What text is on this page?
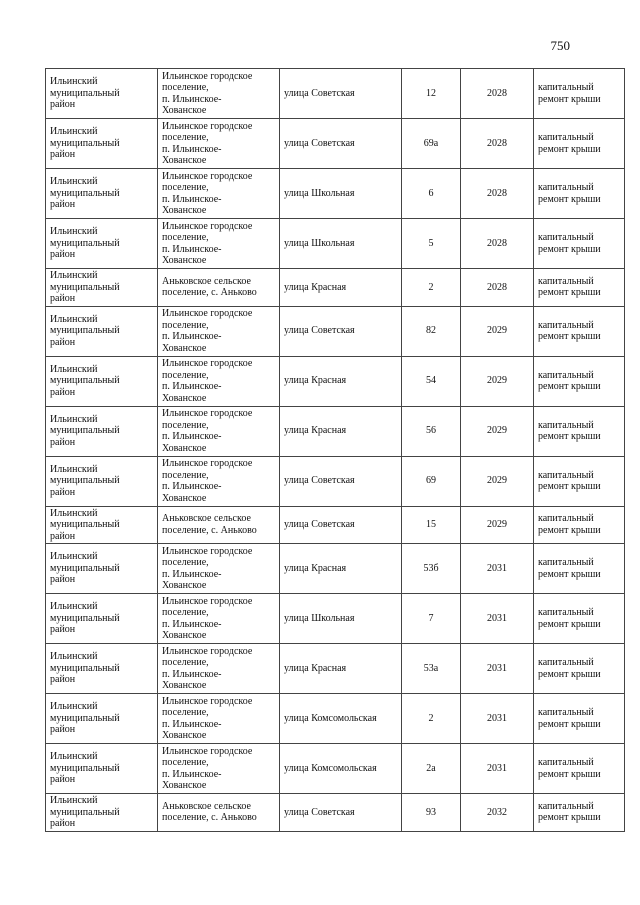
750
Ильинский
муниципальный
район	Ильинское городское
поселение,
п. Ильинское-
Хованское	улица Советская	12	2028	капитальный
ремонт крыши

Ильинский
муниципальный
район	Ильинское городское
поселение,
п. Ильинское-
Хованское	улица Советская	69а	2028	капитальный
ремонт крыши

Ильинский
муниципальный
район	Ильинское городское
поселение,
п. Ильинское-
Хованское	улица Школьная	6	2028	капитальный
ремонт крыши

Ильинский
муниципальный
район	Ильинское городское
поселение,
п. Ильинское-
Хованское	улица Школьная	5	2028	капитальный
ремонт крыши

Ильинский
муниципальный
район	Аньковское сельское
поселение, с. Аньково	улица Красная	2	2028	капитальный
ремонт крыши

Ильинский
муниципальный
район	Ильинское городское
поселение,
п. Ильинское-
Хованское	улица Советская	82	2029	капитальный
ремонт крыши

Ильинский
муниципальный
район	Ильинское городское
поселение,
п. Ильинское-
Хованское	улица Красная	54	2029	капитальный
ремонт крыши

Ильинский
муниципальный
район	Ильинское городское
поселение,
п. Ильинское-
Хованское	улица Красная	56	2029	капитальный
ремонт крыши

Ильинский
муниципальный
район	Ильинское городское
поселение,
п. Ильинское-
Хованское	улица Советская	69	2029	капитальный
ремонт крыши

Ильинский
муниципальный
район	Аньковское сельское
поселение, с. Аньково	улица Советская	15	2029	капитальный
ремонт крыши

Ильинский
муниципальный
район	Ильинское городское
поселение,
п. Ильинское-
Хованское	улица Красная	53б	2031	капитальный
ремонт крыши

Ильинский
муниципальный
район	Ильинское городское
поселение,
п. Ильинское-
Хованское	улица Школьная	7	2031	капитальный
ремонт крыши

Ильинский
муниципальный
район	Ильинское городское
поселение,
п. Ильинское-
Хованское	улица Красная	53а	2031	капитальный
ремонт крыши

Ильинский
муниципальный
район	Ильинское городское
поселение,
п. Ильинское-
Хованское	улица Комсомольская	2	2031	капитальный
ремонт крыши

Ильинский
муниципальный
район	Ильинское городское
поселение,
п. Ильинское-
Хованское	улица Комсомольская	2а	2031	капитальный
ремонт крыши

Ильинский
муниципальный
район	Аньковское сельское
поселение, с. Аньково	улица Советская	93	2032	капитальный
ремонт крыши
